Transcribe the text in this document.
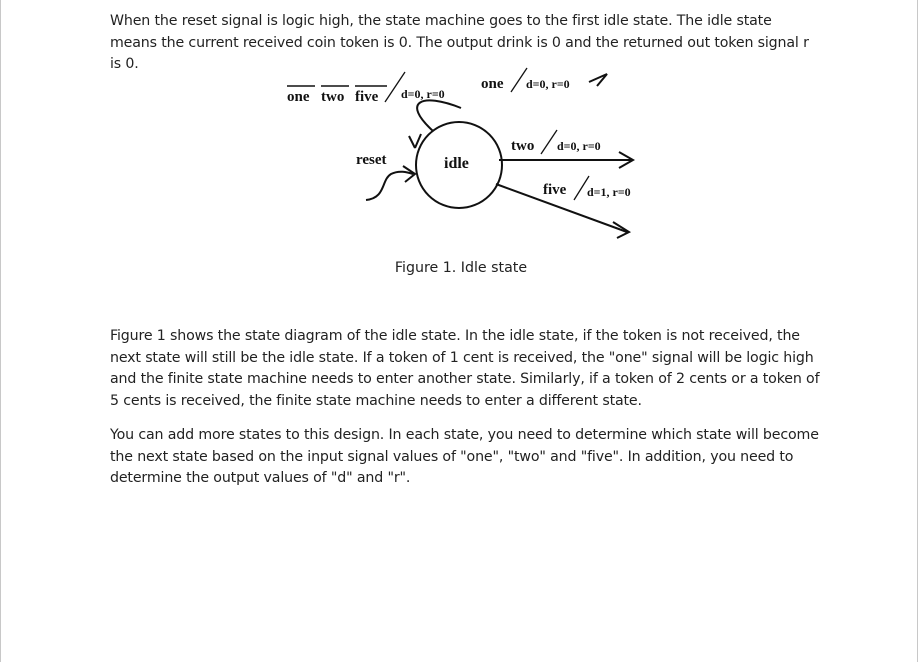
When the reset signal is logic high, the state machine goes to the first idle state. The idle state means the current received coin token is 0. The output drink is 0 and the returned out token signal r is 0.

one two five d=0, r=0
idle
reset
one d=0, r=0
two d=0, r=0
five d=1, r=0
Figure 1. Idle state

Figure 1 shows the state diagram of the idle state. In the idle state, if the token is not received, the next state will still be the idle state. If a token of 1 cent is received, the "one" signal will be logic high and the finite state machine needs to enter another state. Similarly, if a token of 2 cents or a token of 5 cents is received, the finite state machine needs to enter a different state.

You can add more states to this design. In each state, you need to determine which state will become the next state based on the input signal values of "one", "two" and "five". In addition, you need to determine the output values of "d" and "r".
